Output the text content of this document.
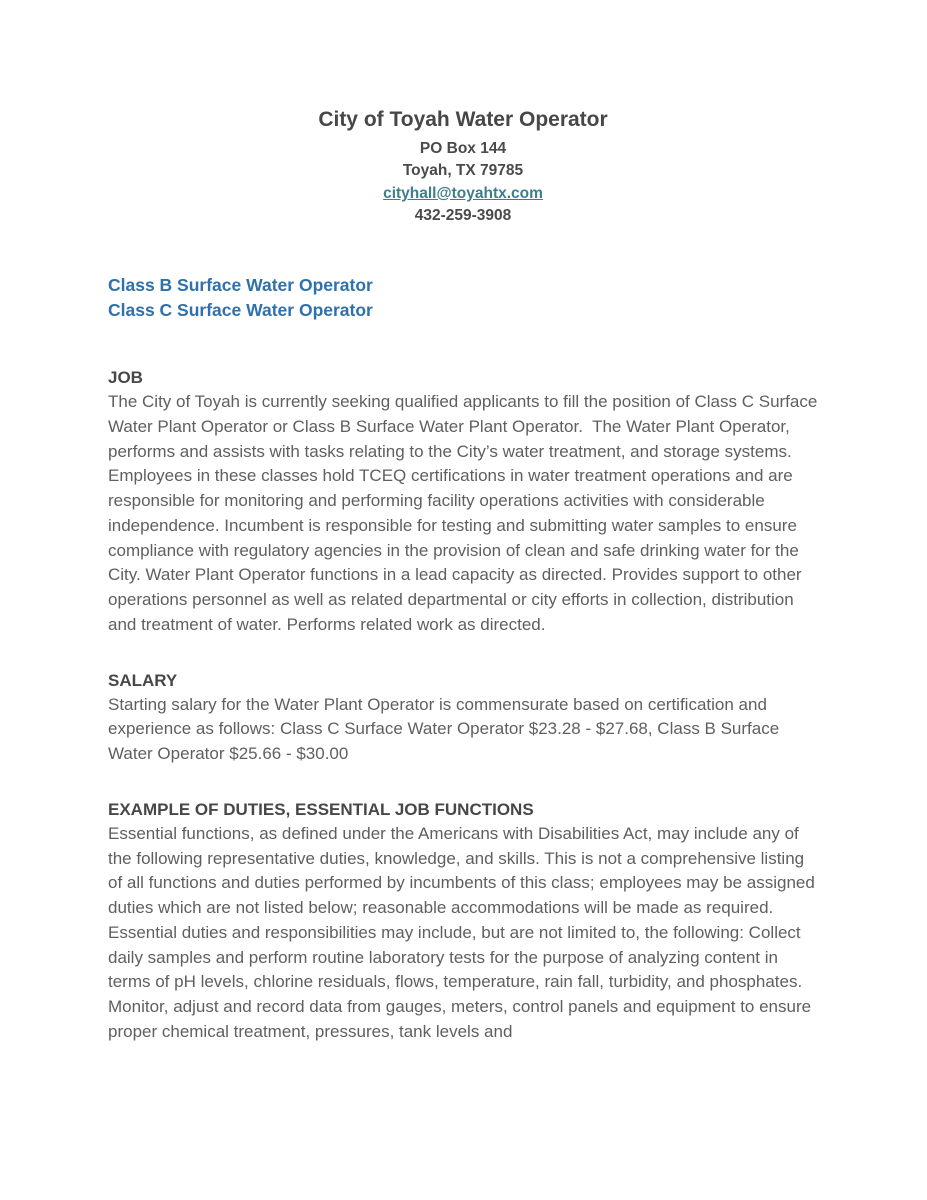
City of Toyah Water Operator
PO Box 144
Toyah, TX 79785
cityhall@toyahtx.com
432-259-3908
Class B Surface Water Operator
Class C Surface Water Operator
JOB

The City of Toyah is currently seeking qualified applicants to fill the position of Class C Surface Water Plant Operator or Class B Surface Water Plant Operator.  The Water Plant Operator, performs and assists with tasks relating to the City’s water treatment, and storage systems. Employees in these classes hold TCEQ certifications in water treatment operations and are responsible for monitoring and performing facility operations activities with considerable independence. Incumbent is responsible for testing and submitting water samples to ensure compliance with regulatory agencies in the provision of clean and safe drinking water for the City. Water Plant Operator functions in a lead capacity as directed. Provides support to other operations personnel as well as related departmental or city efforts in collection, distribution and treatment of water. Performs related work as directed.

SALARY

Starting salary for the Water Plant Operator is commensurate based on certification and experience as follows: Class C Surface Water Operator $23.28 - $27.68, Class B Surface Water Operator $25.66 - $30.00

EXAMPLE OF DUTIES, ESSENTIAL JOB FUNCTIONS

Essential functions, as defined under the Americans with Disabilities Act, may include any of the following representative duties, knowledge, and skills. This is not a comprehensive listing of all functions and duties performed by incumbents of this class; employees may be assigned duties which are not listed below; reasonable accommodations will be made as required. Essential duties and responsibilities may include, but are not limited to, the following: Collect daily samples and perform routine laboratory tests for the purpose of analyzing content in terms of pH levels, chlorine residuals, flows, temperature, rain fall, turbidity, and phosphates. Monitor, adjust and record data from gauges, meters, control panels and equipment to ensure proper chemical treatment, pressures, tank levels and
